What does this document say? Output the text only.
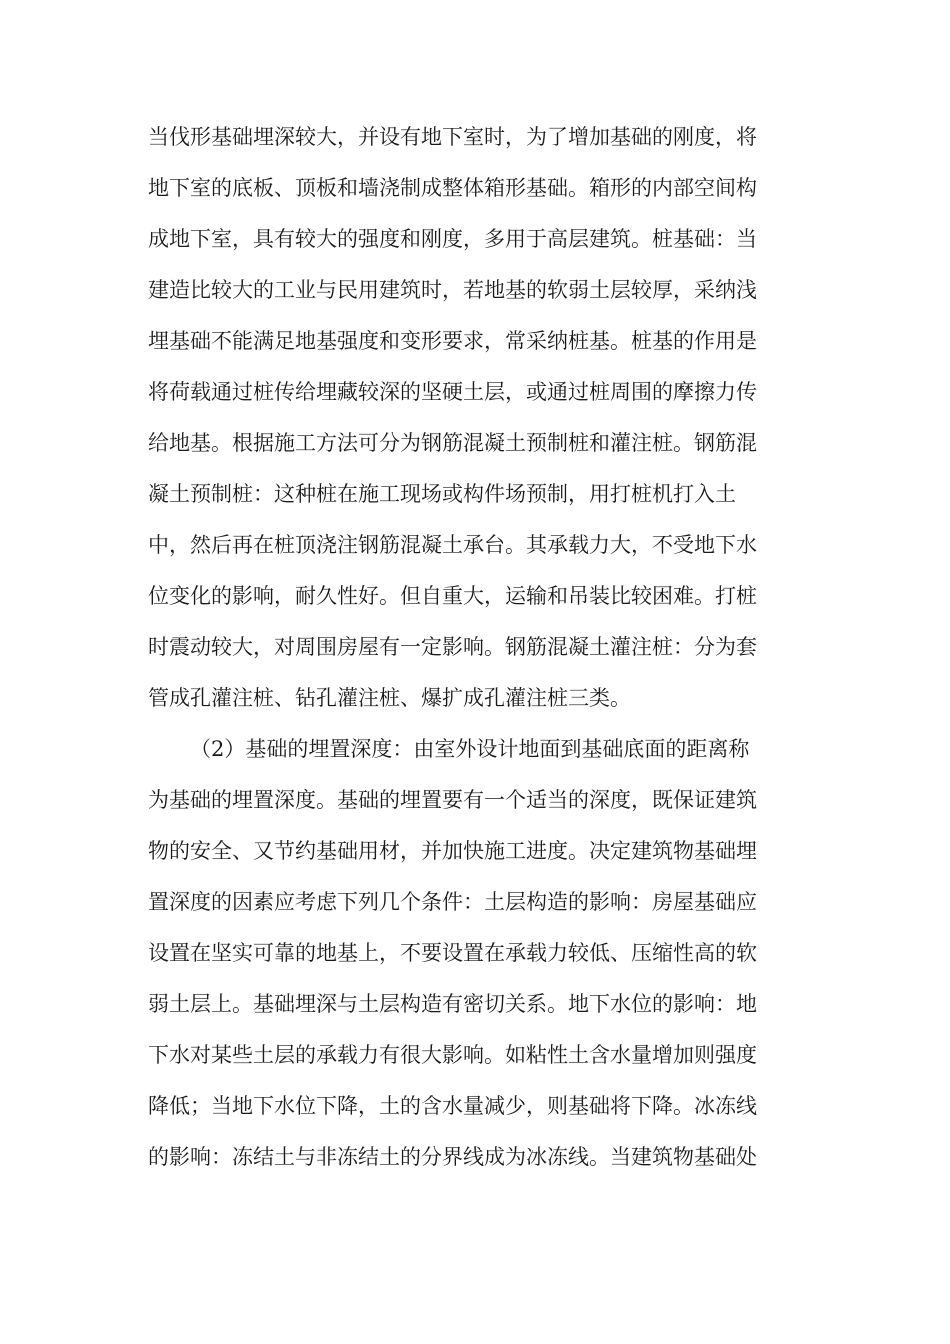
当伐形基础埋深较大，并设有地下室时，为了增加基础的刚度，将
地下室的底板、顶板和墙浇制成整体箱形基础。箱形的内部空间构
成地下室，具有较大的强度和刚度，多用于高层建筑。桩基础：当
建造比较大的工业与民用建筑时，若地基的软弱土层较厚，采纳浅
埋基础不能满足地基强度和变形要求，常采纳桩基。桩基的作用是
将荷载通过桩传给埋藏较深的坚硬土层，或通过桩周围的摩擦力传
给地基。根据施工方法可分为钢筋混凝土预制桩和灌注桩。钢筋混
凝土预制桩：这种桩在施工现场或构件场预制，用打桩机打入土
中，然后再在桩顶浇注钢筋混凝土承台。其承载力大，不受地下水
位变化的影响，耐久性好。但自重大，运输和吊装比较困难。打桩
时震动较大，对周围房屋有一定影响。钢筋混凝土灌注桩：分为套
管成孔灌注桩、钻孔灌注桩、爆扩成孔灌注桩三类。
（2）基础的埋置深度：由室外设计地面到基础底面的距离称
为基础的埋置深度。基础的埋置要有一个适当的深度，既保证建筑
物的安全、又节约基础用材，并加快施工进度。决定建筑物基础埋
置深度的因素应考虑下列几个条件：土层构造的影响：房屋基础应
设置在坚实可靠的地基上，不要设置在承载力较低、压缩性高的软
弱土层上。基础埋深与土层构造有密切关系。地下水位的影响：地
下水对某些土层的承载力有很大影响。如粘性土含水量增加则强度
降低；当地下水位下降，土的含水量减少，则基础将下降。冰冻线
的影响：冻结土与非冻结土的分界线成为冰冻线。当建筑物基础处
